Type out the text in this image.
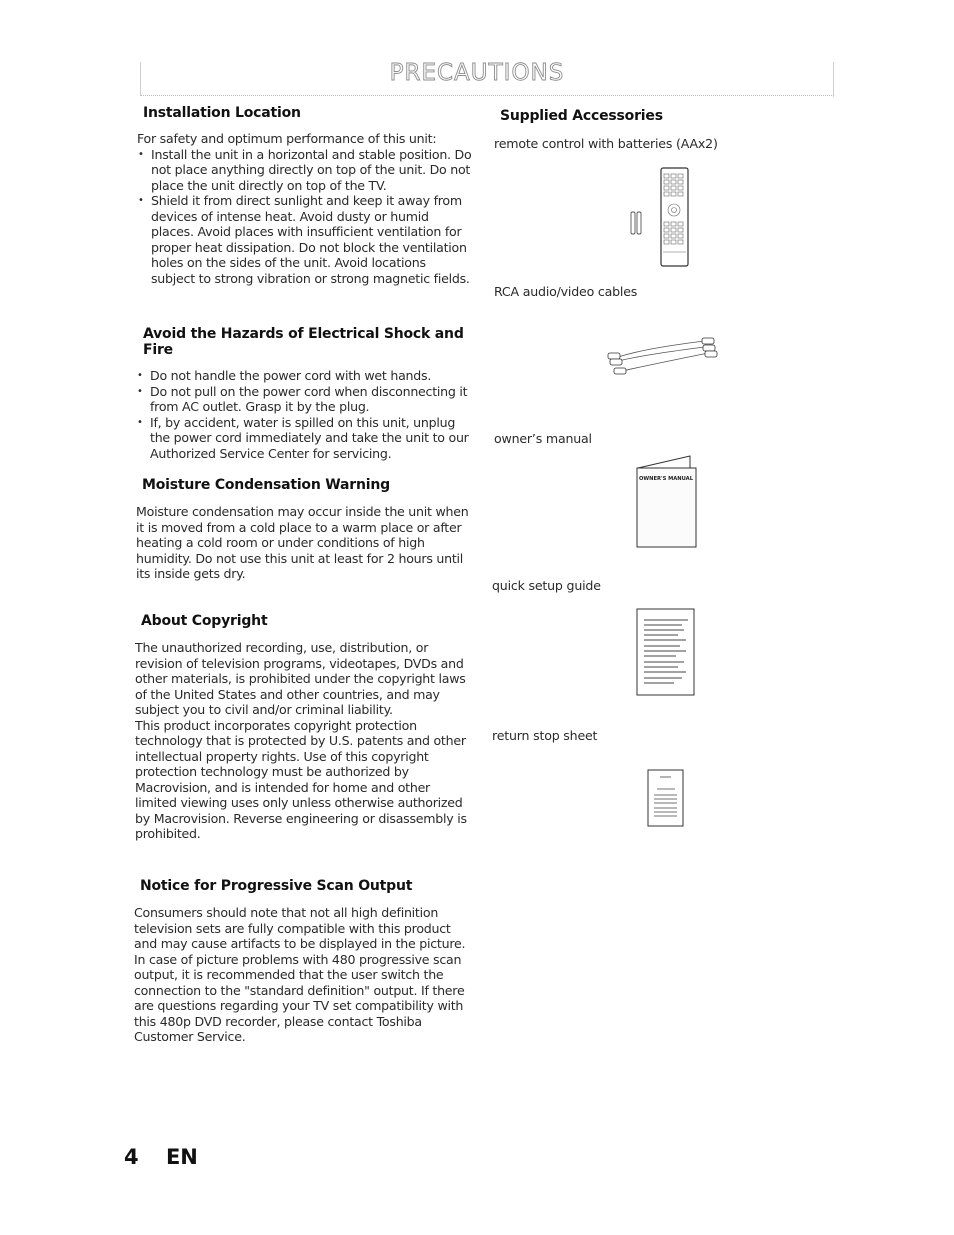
PRECAUTIONS
Installation Location

For safety and optimum performance of this unit:

• Install the unit in a horizontal and stable position. Do not place anything directly on top of the unit. Do not place the unit directly on top of the TV.
• Shield it from direct sunlight and keep it away from devices of intense heat. Avoid dusty or humid places. Avoid places with insufficient ventilation for proper heat dissipation. Do not block the ventilation holes on the sides of the unit. Avoid locations subject to strong vibration or strong magnetic fields.
Avoid the Hazards of Electrical Shock and Fire
• Do not handle the power cord with wet hands.
• Do not pull on the power cord when disconnecting it from AC outlet. Grasp it by the plug.
• If, by accident, water is spilled on this unit, unplug the power cord immediately and take the unit to our Authorized Service Center for servicing.
Moisture Condensation Warning

Moisture condensation may occur inside the unit when it is moved from a cold place to a warm place or after heating a cold room or under conditions of high humidity. Do not use this unit at least for 2 hours until its inside gets dry.

About Copyright

The unauthorized recording, use, distribution, or revision of television programs, videotapes, DVDs and other materials, is prohibited under the copyright laws of the United States and other countries, and may subject you to civil and/or criminal liability.

This product incorporates copyright protection technology that is protected by U.S. patents and other intellectual property rights. Use of this copyright protection technology must be authorized by Macrovision, and is intended for home and other limited viewing uses only unless otherwise authorized by Macrovision. Reverse engineering or disassembly is prohibited.

Notice for Progressive Scan Output

Consumers should note that not all high definition television sets are fully compatible with this product and may cause artifacts to be displayed in the picture. In case of picture problems with 480 progressive scan output, it is recommended that the user switch the connection to the "standard definition" output. If there are questions regarding your TV set compatibility with this 480p DVD recorder, please contact Toshiba Customer Service.

Supplied Accessories
remote control with batteries (AAx2)
RCA audio/video cables
owner’s manual
OWNER'S MANUAL
quick setup guide
return stop sheet
4 EN
